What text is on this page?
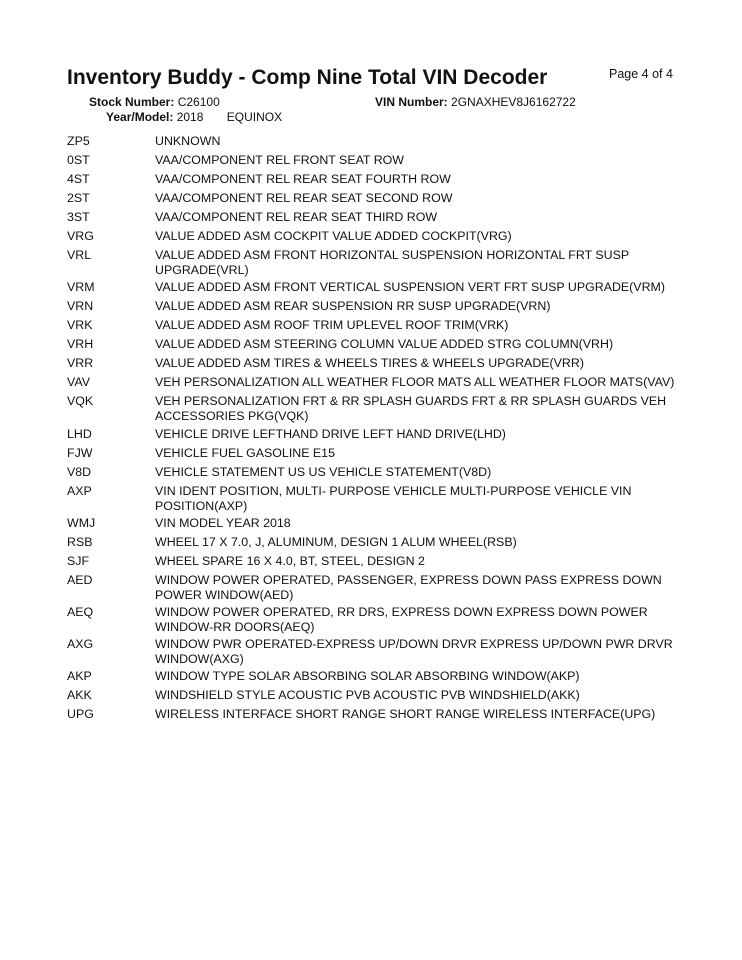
Inventory Buddy - Comp Nine Total VIN Decoder	Page 4 of 4
Stock Number: C26100	VIN Number: 2GNAXHEV8J6162722
Year/Model: 2018 EQUINOX
ZP5	UNKNOWN
0ST	VAA/COMPONENT REL FRONT SEAT ROW
4ST	VAA/COMPONENT REL REAR SEAT FOURTH ROW
2ST	VAA/COMPONENT REL REAR SEAT SECOND ROW
3ST	VAA/COMPONENT REL REAR SEAT THIRD ROW
VRG	VALUE ADDED ASM COCKPIT VALUE ADDED COCKPIT(VRG)
VRL	VALUE ADDED ASM FRONT HORIZONTAL SUSPENSION HORIZONTAL FRT SUSP UPGRADE(VRL)
VRM	VALUE ADDED ASM FRONT VERTICAL SUSPENSION VERT FRT SUSP UPGRADE(VRM)
VRN	VALUE ADDED ASM REAR SUSPENSION RR SUSP UPGRADE(VRN)
VRK	VALUE ADDED ASM ROOF TRIM UPLEVEL ROOF TRIM(VRK)
VRH	VALUE ADDED ASM STEERING COLUMN VALUE ADDED STRG COLUMN(VRH)
VRR	VALUE ADDED ASM TIRES & WHEELS TIRES & WHEELS UPGRADE(VRR)
VAV	VEH PERSONALIZATION ALL WEATHER FLOOR MATS ALL WEATHER FLOOR MATS(VAV)
VQK	VEH PERSONALIZATION FRT & RR SPLASH GUARDS FRT & RR SPLASH GUARDS VEH ACCESSORIES PKG(VQK)
LHD	VEHICLE DRIVE LEFTHAND DRIVE LEFT HAND DRIVE(LHD)
FJW	VEHICLE FUEL GASOLINE E15
V8D	VEHICLE STATEMENT US US VEHICLE STATEMENT(V8D)
AXP	VIN IDENT POSITION, MULTI- PURPOSE VEHICLE MULTI-PURPOSE VEHICLE VIN POSITION(AXP)
WMJ	VIN MODEL YEAR 2018
RSB	WHEEL 17 X 7.0, J, ALUMINUM, DESIGN 1 ALUM WHEEL(RSB)
SJF	WHEEL SPARE 16 X 4.0, BT, STEEL, DESIGN 2
AED	WINDOW POWER OPERATED, PASSENGER, EXPRESS DOWN PASS EXPRESS DOWN POWER WINDOW(AED)
AEQ	WINDOW POWER OPERATED, RR DRS, EXPRESS DOWN EXPRESS DOWN POWER WINDOW-RR DOORS(AEQ)
AXG	WINDOW PWR OPERATED-EXPRESS UP/DOWN DRVR EXPRESS UP/DOWN PWR DRVR WINDOW(AXG)
AKP	WINDOW TYPE SOLAR ABSORBING SOLAR ABSORBING WINDOW(AKP)
AKK	WINDSHIELD STYLE ACOUSTIC PVB ACOUSTIC PVB WINDSHIELD(AKK)
UPG	WIRELESS INTERFACE SHORT RANGE SHORT RANGE WIRELESS INTERFACE(UPG)
